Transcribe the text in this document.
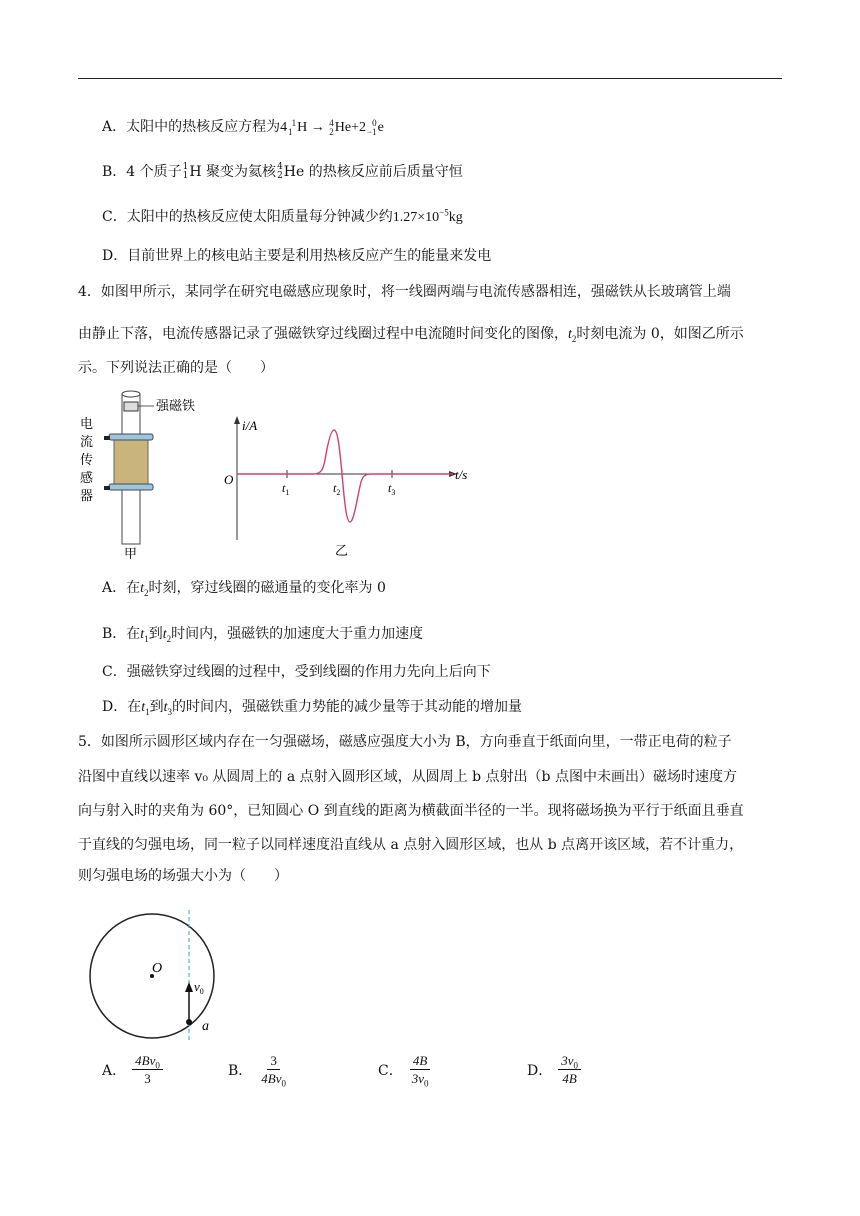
A．太阳中的热核反应方程为4
1
1
H → 4
2 He+2 0
−1 e
B．4 个质子 1
1 H 聚变为氦核 4
2 He 的热核反应前后质量守恒
C．太阳中的热核反应使太阳质量每分钟减少约$1.27\times 10^{-5}kg$
D．目前世界上的核电站主要是利用热核反应产生的能量来发电
4．如图甲所示，某同学在研究电磁感应现象时，将一线圈两端与电流传感器相连，强磁铁从长玻璃管上端
由静止下落，电流传感器记录了强磁铁穿过线圈过程中电流随时间变化的图像，$t_2$时刻电流为 0，如图乙所示
示。下列说法正确的是（　　）
强磁铁
电
流
传
感
器
甲
i/A
t/s
O
$t_1$	$t_2$	$t_3$
乙
A．在$t_2$时刻，穿过线圈的磁通量的变化率为 0
B．在$t_1$到$t_2$时间内，强磁铁的加速度大于重力加速度
C．强磁铁穿过线圈的过程中，受到线圈的作用力先向上后向下
D．在$t_1$到$t_3$的时间内，强磁铁重力势能的减少量等于其动能的增加量
5．如图所示圆形区域内存在一匀强磁场，磁感应强度大小为 B，方向垂直于纸面向里，一带正电荷的粒子
沿图中直线以速率 v₀ 从圆周上的 a 点射入圆形区域，从圆周上 b 点射出（b 点图中未画出）磁场时速度方
向与射入时的夹角为 60°，已知圆心 O 到直线的距离为横截面半径的一半。现将磁场换为平行于纸面且垂直
于直线的匀强电场，同一粒子以同样速度沿直线从 a 点射入圆形区域，也从 b 点离开该区域，若不计重力，
则匀强电场的场强大小为（　　）
O
$v_0$
a
A． $\frac{4Bv_0}{3}$	B． $\frac{3}{4Bv_0}$	C． $\frac{4B}{3v_0}$	D． $\frac{3v_0}{4B}$
